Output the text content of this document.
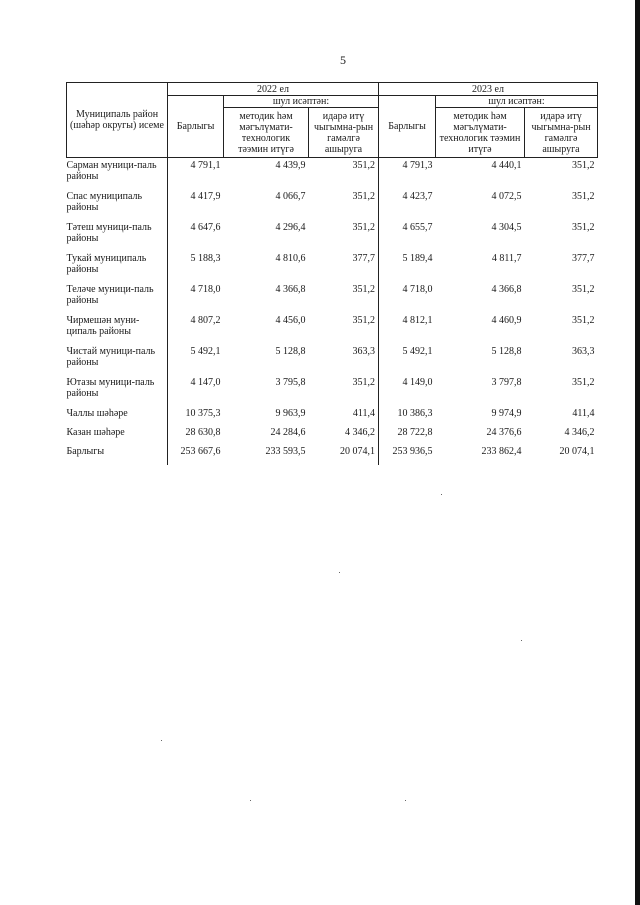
5
Муниципаль район (шәһәр округы) исеме	2022 ел			2023 ел		
	Барлыгы	шул исәптән:		Барлыгы	шул исәптән:	
		методик һәм мәгълүмати-технологик тәэмин итүгә	идарә итү чыгымна-рын гамәлгә ашыруга		методик һәм мәгълүмати-технологик тәэмин итүгә	идарә итү чыгымна-рын гамәлгә ашыруга
Сарман муници-паль районы	4 791,1	4 439,9	351,2	4 791,3	4 440,1	351,2
Спас муниципаль районы	4 417,9	4 066,7	351,2	4 423,7	4 072,5	351,2
Тәтеш муници-паль районы	4 647,6	4 296,4	351,2	4 655,7	4 304,5	351,2
Тукай муниципаль районы	5 188,3	4 810,6	377,7	5 189,4	4 811,7	377,7
Теләче муници-паль районы	4 718,0	4 366,8	351,2	4 718,0	4 366,8	351,2
Чирмешән муни-ципаль районы	4 807,2	4 456,0	351,2	4 812,1	4 460,9	351,2
Чистай муници-паль районы	5 492,1	5 128,8	363,3	5 492,1	5 128,8	363,3
Ютазы муници-паль районы	4 147,0	3 795,8	351,2	4 149,0	3 797,8	351,2
Чаллы шәһәре	10 375,3	9 963,9	411,4	10 386,3	9 974,9	411,4
Казан шәһәре	28 630,8	24 284,6	4 346,2	28 722,8	24 376,6	4 346,2
Барлыгы	253 667,6	233 593,5	20 074,1	253 936,5	233 862,4	20 074,1
